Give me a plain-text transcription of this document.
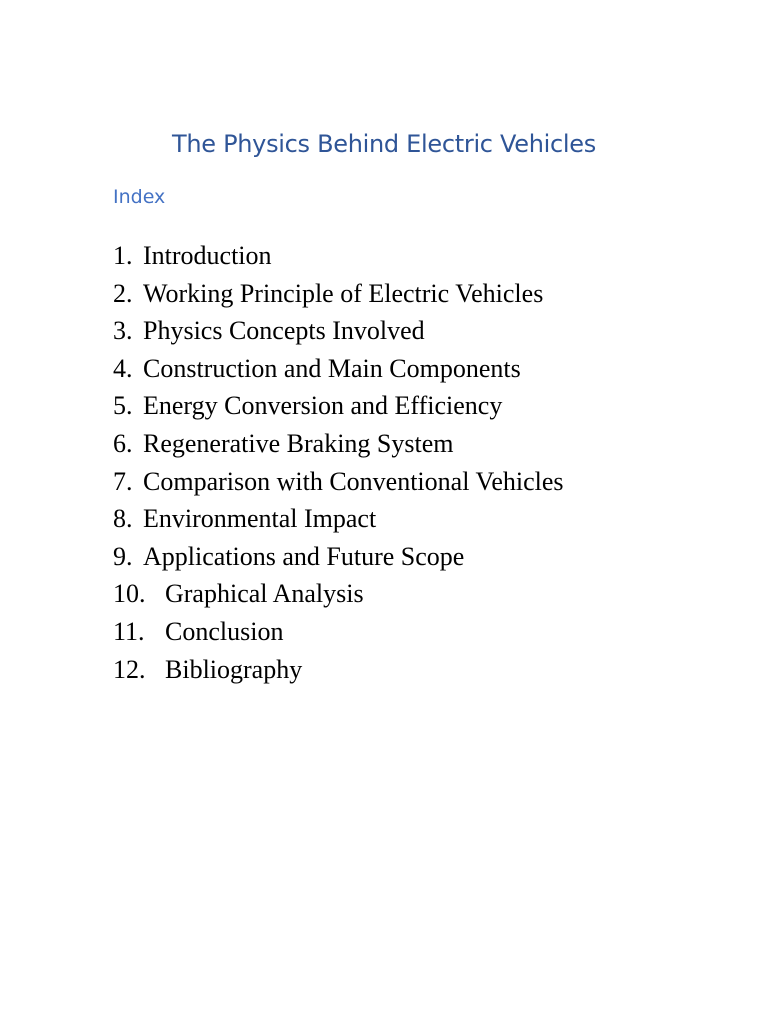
The Physics Behind Electric Vehicles
Index
1. Introduction
2. Working Principle of Electric Vehicles
3. Physics Concepts Involved
4. Construction and Main Components
5. Energy Conversion and Efficiency
6. Regenerative Braking System
7. Comparison with Conventional Vehicles
8. Environmental Impact
9. Applications and Future Scope
10. Graphical Analysis
11. Conclusion
12. Bibliography
